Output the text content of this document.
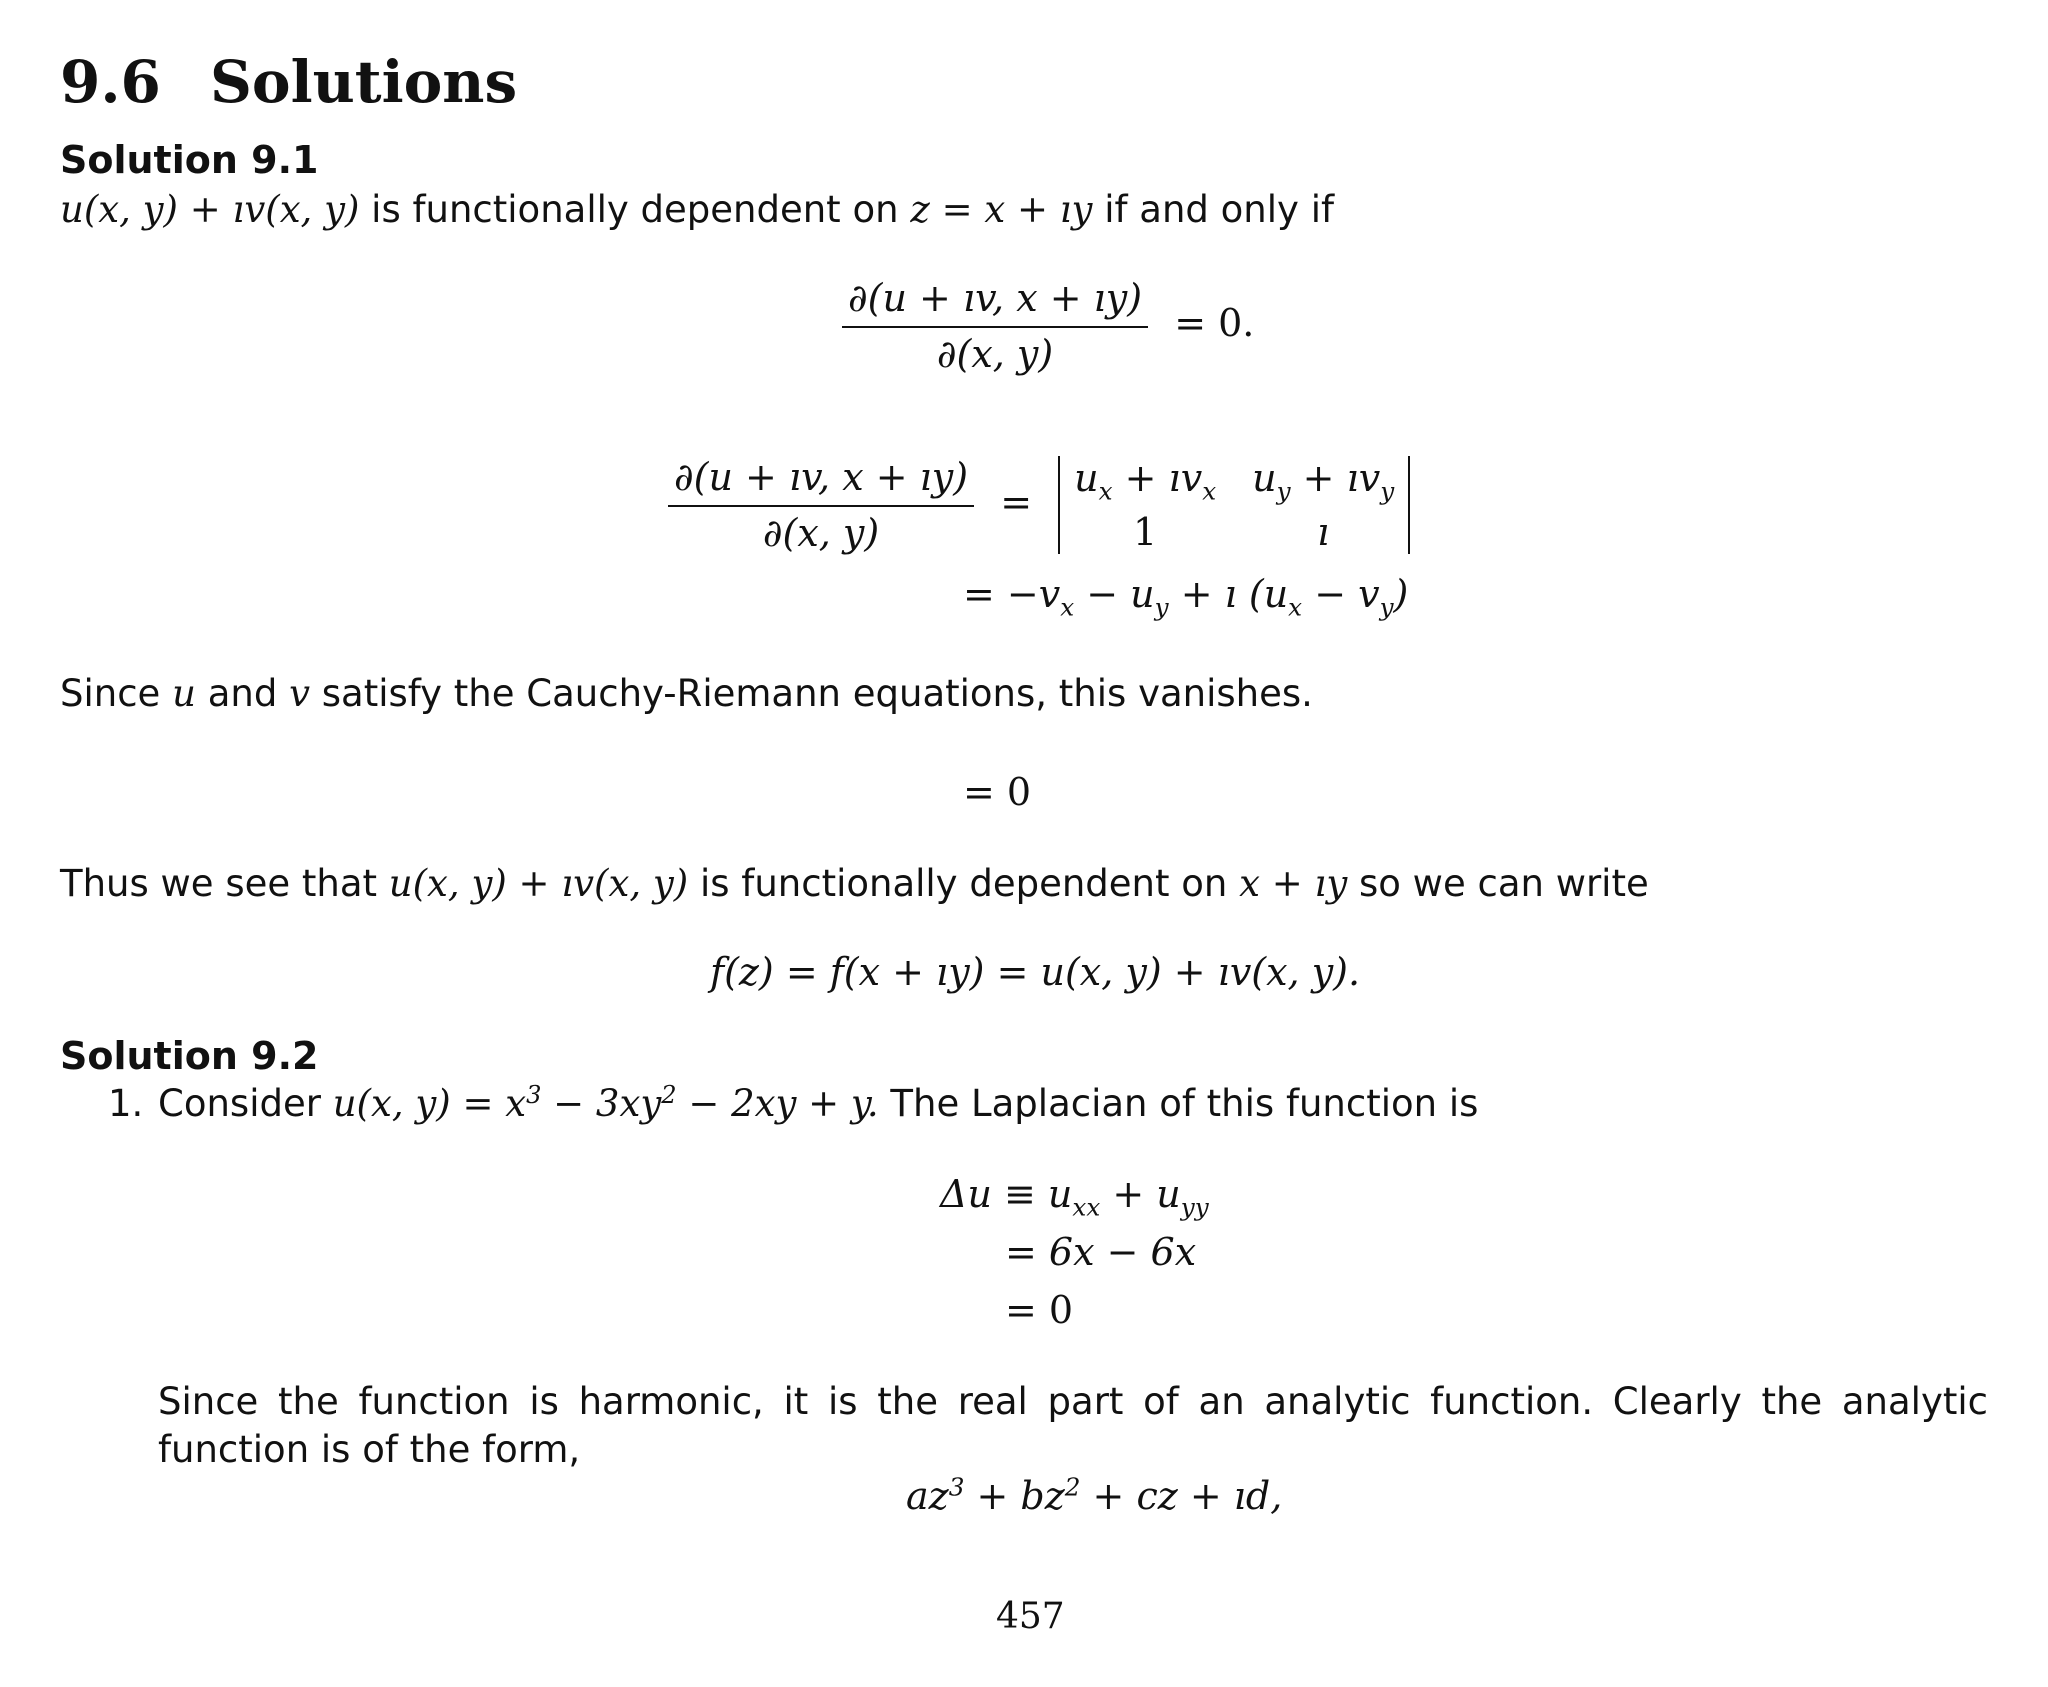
9.6 Solutions
Solution 9.1
u(x, y) + ıv(x, y) is functionally dependent on z = x + ıy if and only if
$\frac{\partial(u + ıv, x + ıy)}{\partial(x, y)} = 0$.
$\frac{\partial(u + ıv, x + ıy)}{\partial(x, y)}$ =
$u_x$ + $ıv_x$ $u_y$ + $ıv_y$
1	ı
= $-v_x - u_y$ + ı $(u_x - v_y)$
Since u and v satisfy the Cauchy-Riemann equations, this vanishes.
= 0
Thus we see that u(x, y) + ıv(x, y) is functionally dependent on x + ıy so we can write
f(z) = f(x + ıy) = u(x, y) + ıv(x, y).
Solution 9.2
1. Consider u(x, $y) = x^3 - 3xy^2 - 2xy + y$. The Laplacian of this function is
$\Delta u \equiv u_{xx} + u_{yy}$
= 6x − 6x
= 0
Since the function is harmonic, it is the real part of an analytic function. Clearly the analytic function is of the form,
$az^3 + bz^2$ + cz + ıd,
457
